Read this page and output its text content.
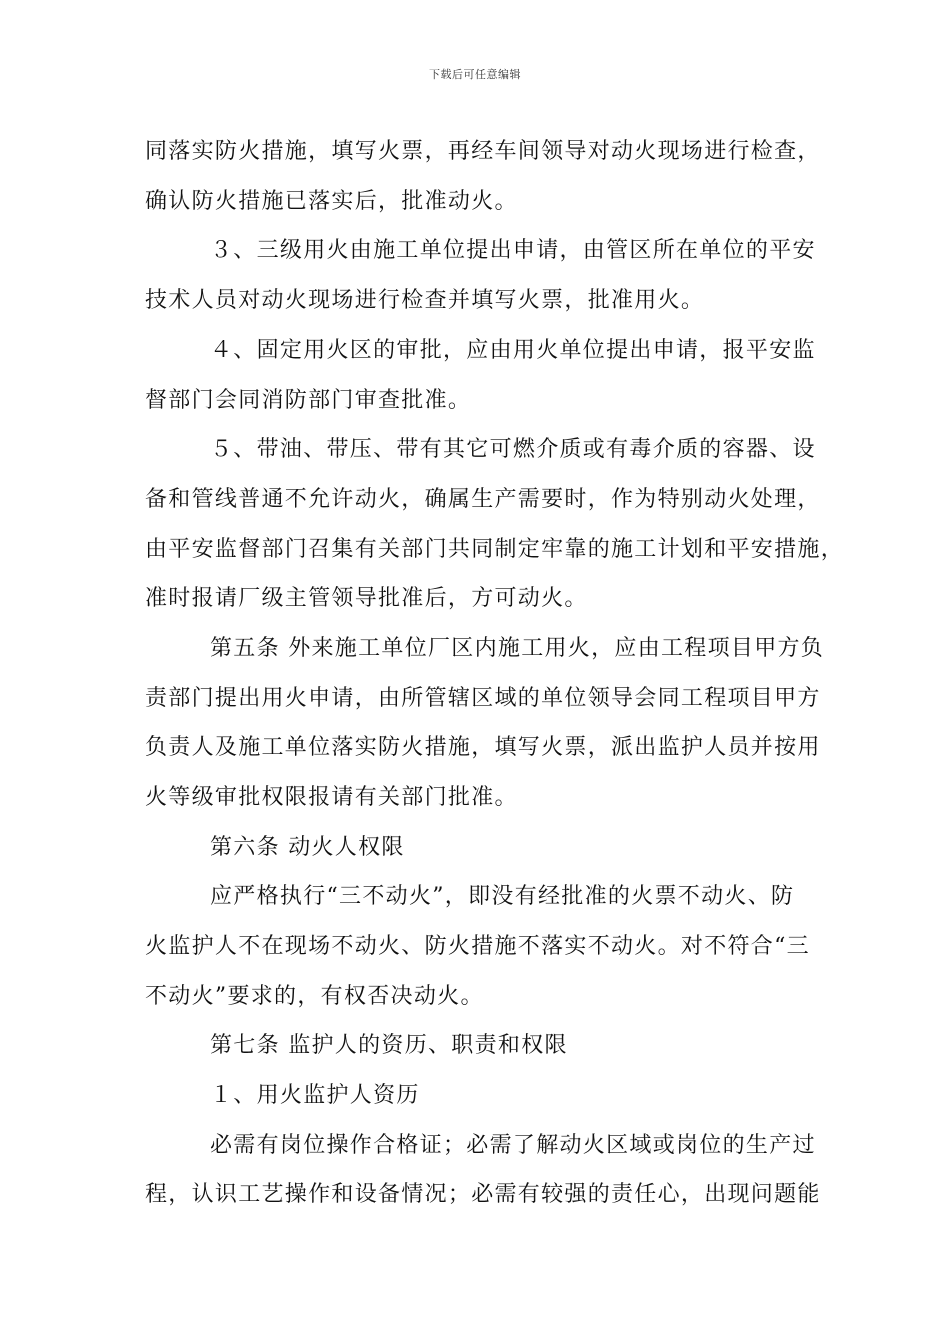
下载后可任意编辑
同落实防火措施，填写火票，再经车间领导对动火现场进行检查，
确认防火措施已落实后，批准动火。
３、三级用火由施工单位提出申请，由管区所在单位的平安
技术人员对动火现场进行检查并填写火票，批准用火。
４、固定用火区的审批，应由用火单位提出申请，报平安监
督部门会同消防部门审查批准。
５、带油、带压、带有其它可燃介质或有毒介质的容器、设
备和管线普通不允许动火，确属生产需要时，作为特别动火处理，
由平安监督部门召集有关部门共同制定牢靠的施工计划和平安措施，
准时报请厂级主管领导批准后，方可动火。
第五条 外来施工单位厂区内施工用火，应由工程项目甲方负
责部门提出用火申请，由所管辖区域的单位领导会同工程项目甲方
负责人及施工单位落实防火措施，填写火票，派出监护人员并按用
火等级审批权限报请有关部门批准。
第六条 动火人权限
应严格执行“三不动火”，即没有经批准的火票不动火、防
火监护人不在现场不动火、防火措施不落实不动火。对不符合“三
不动火”要求的，有权否决动火。
第七条 监护人的资历、职责和权限
１、用火监护人资历
必需有岗位操作合格证；必需了解动火区域或岗位的生产过
程，认识工艺操作和设备情况；必需有较强的责任心，出现问题能
